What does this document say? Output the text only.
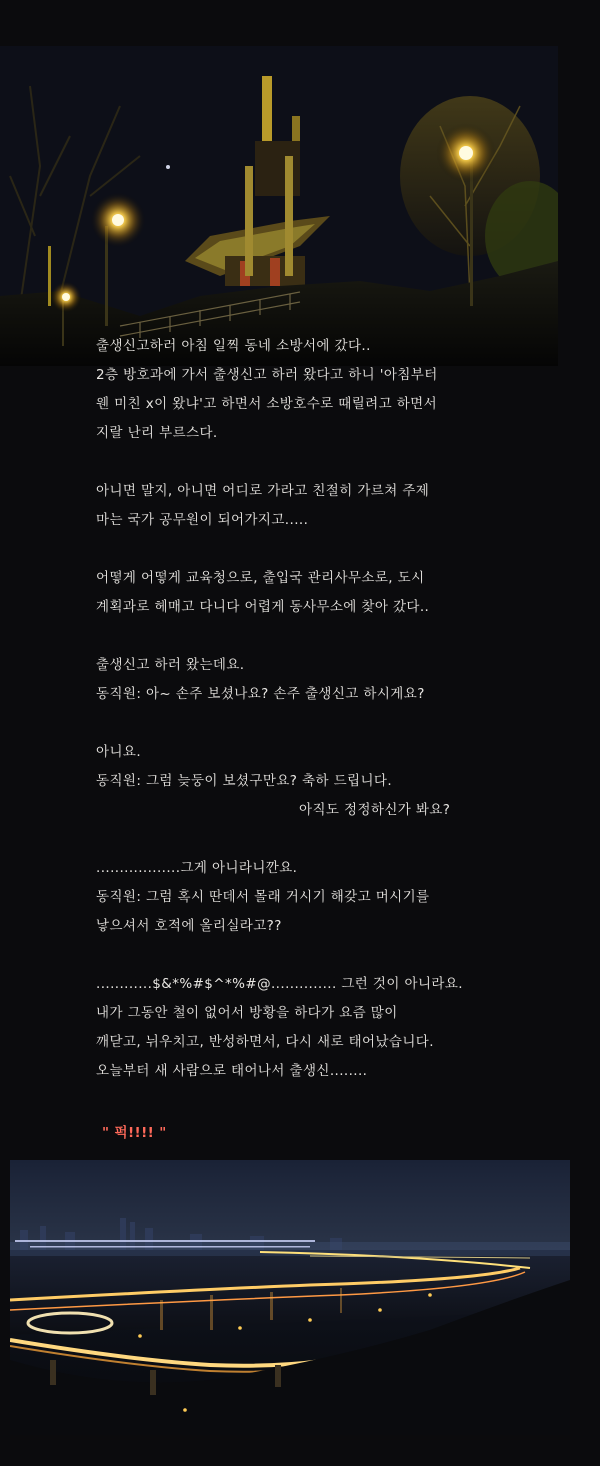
출생신고하러 아침 일찍 동네 소방서에 갔다..
2층 방호과에 가서 출생신고 하러 왔다고 하니 '아침부터
웬 미친 x이 왔냐'고 하면서 소방호수로 때릴려고 하면서
지랄 난리 부르스다.
아니면 말지, 아니면 어디로 가라고 친절히 가르쳐 주제
마는 국가 공무원이 되어가지고.....
어떻게 어떻게 교육청으로, 출입국 관리사무소로, 도시
계획과로 헤매고 다니다 어렵게 동사무소에 찾아 갔다..
출생신고 하러 왔는데요.
동직원: 아~ 손주 보셨나요? 손주 출생신고 하시게요?
아니요.
동직원: 그럼 늦둥이 보셨구만요? 축하 드립니다.
아직도 정정하신가 봐요?
..................그게 아니라니깐요.
동직원: 그럼 혹시 딴데서 몰래 거시기 해갖고 머시기를
낳으셔서 호적에 올리실라고??
............$&*%#$^*%#@.............. 그런 것이 아니라요.
내가 그동안 철이 없어서 방황을 하다가 요즘 많이
깨닫고, 뉘우치고, 반성하면서, 다시 새로 태어났습니다.
오늘부터 새 사람으로 태어나서 출생신........
" 퍽!!!! "
